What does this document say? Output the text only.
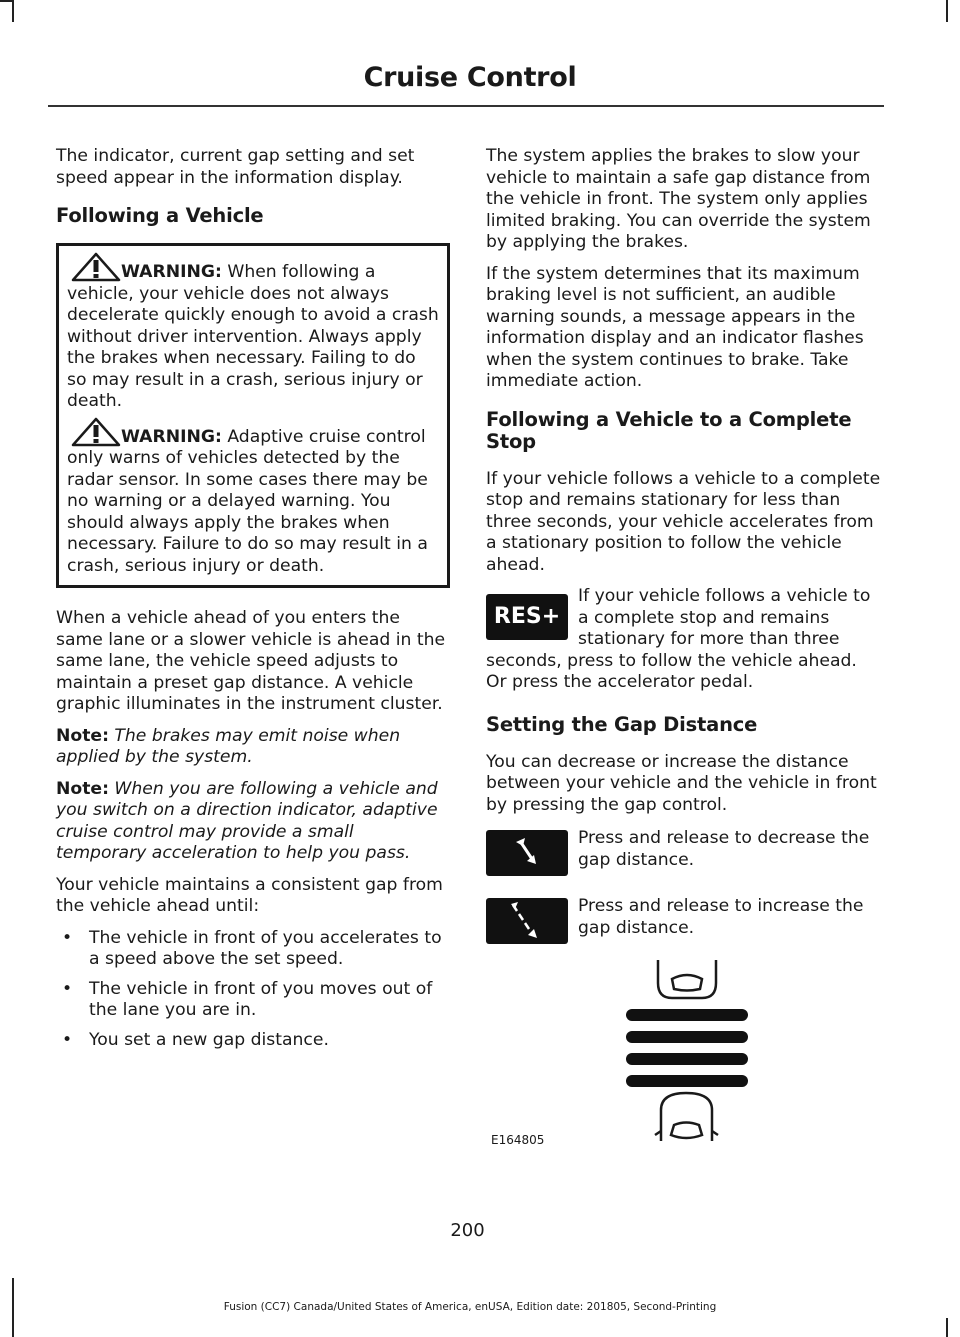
Cruise Control

The indicator, current gap setting and set speed appear in the information display.

Following a Vehicle
WARNING: When following a vehicle, your vehicle does not always decelerate quickly enough to avoid a crash without driver intervention. Always apply the brakes when necessary. Failing to do so may result in a crash, serious injury or death.
WARNING: Adaptive cruise control only warns of vehicles detected by the radar sensor. In some cases there may be no warning or a delayed warning. You should always apply the brakes when necessary. Failure to do so may result in a crash, serious injury or death.

When a vehicle ahead of you enters the same lane or a slower vehicle is ahead in the same lane, the vehicle speed adjusts to maintain a preset gap distance. A vehicle graphic illuminates in the instrument cluster.

Note: The brakes may emit noise when applied by the system.

Note: When you are following a vehicle and you switch on a direction indicator, adaptive cruise control may provide a small temporary acceleration to help you pass.

Your vehicle maintains a consistent gap from the vehicle ahead until:

• The vehicle in front of you accelerates to a speed above the set speed.
• The vehicle in front of you moves out of the lane you are in.
• You set a new gap distance.

The system applies the brakes to slow your vehicle to maintain a safe gap distance from the vehicle in front. The system only applies limited braking. You can override the system by applying the brakes.

If the system determines that its maximum braking level is not sufficient, an audible warning sounds, a message appears in the information display and an indicator flashes when the system continues to brake. Take immediate action.

Following a Vehicle to a Complete Stop

If your vehicle follows a vehicle to a complete stop and remains stationary for less than three seconds, your vehicle accelerates from a stationary position to follow the vehicle ahead.

RES+

If your vehicle follows a vehicle to a complete stop and remains stationary for more than three seconds, press to follow the vehicle ahead. Or press the accelerator pedal.

Setting the Gap Distance

You can decrease or increase the distance between your vehicle and the vehicle in front by pressing the gap control.

Press and release to decrease the gap distance.
Press and release to increase the gap distance.
E164805
200
Fusion (CC7) Canada/United States of America, enUSA, Edition date: 201805, Second-Printing
